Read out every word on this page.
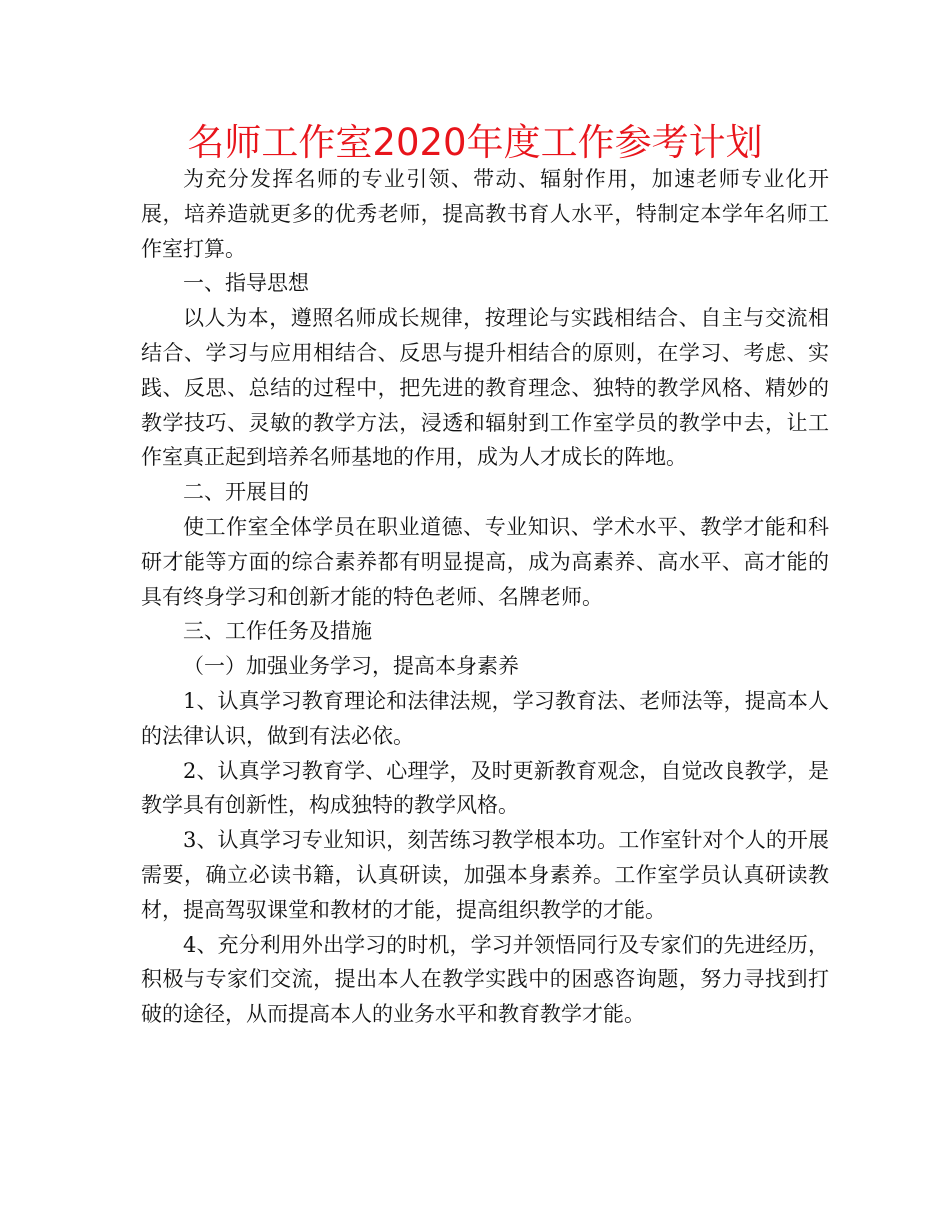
名师工作室2020年度工作参考计划

为充分发挥名师的专业引领、带动、辐射作用，加速老师专业化开展，培养造就更多的优秀老师，提高教书育人水平，特制定本学年名师工作室打算。

一、指导思想

以人为本，遵照名师成长规律，按理论与实践相结合、自主与交流相结合、学习与应用相结合、反思与提升相结合的原则，在学习、考虑、实践、反思、总结的过程中，把先进的教育理念、独特的教学风格、精妙的教学技巧、灵敏的教学方法，浸透和辐射到工作室学员的教学中去，让工作室真正起到培养名师基地的作用，成为人才成长的阵地。

二、开展目的

使工作室全体学员在职业道德、专业知识、学术水平、教学才能和科研才能等方面的综合素养都有明显提高，成为高素养、高水平、高才能的具有终身学习和创新才能的特色老师、名牌老师。

三、工作任务及措施

（一）加强业务学习，提高本身素养

1、认真学习教育理论和法律法规，学习教育法、老师法等，提高本人的法律认识，做到有法必依。

2、认真学习教育学、心理学，及时更新教育观念，自觉改良教学，是教学具有创新性，构成独特的教学风格。

3、认真学习专业知识，刻苦练习教学根本功。工作室针对个人的开展需要，确立必读书籍，认真研读，加强本身素养。工作室学员认真研读教材，提高驾驭课堂和教材的才能，提高组织教学的才能。

4、充分利用外出学习的时机，学习并领悟同行及专家们的先进经历，积极与专家们交流，提出本人在教学实践中的困惑咨询题，努力寻找到打破的途径，从而提高本人的业务水平和教育教学才能。
